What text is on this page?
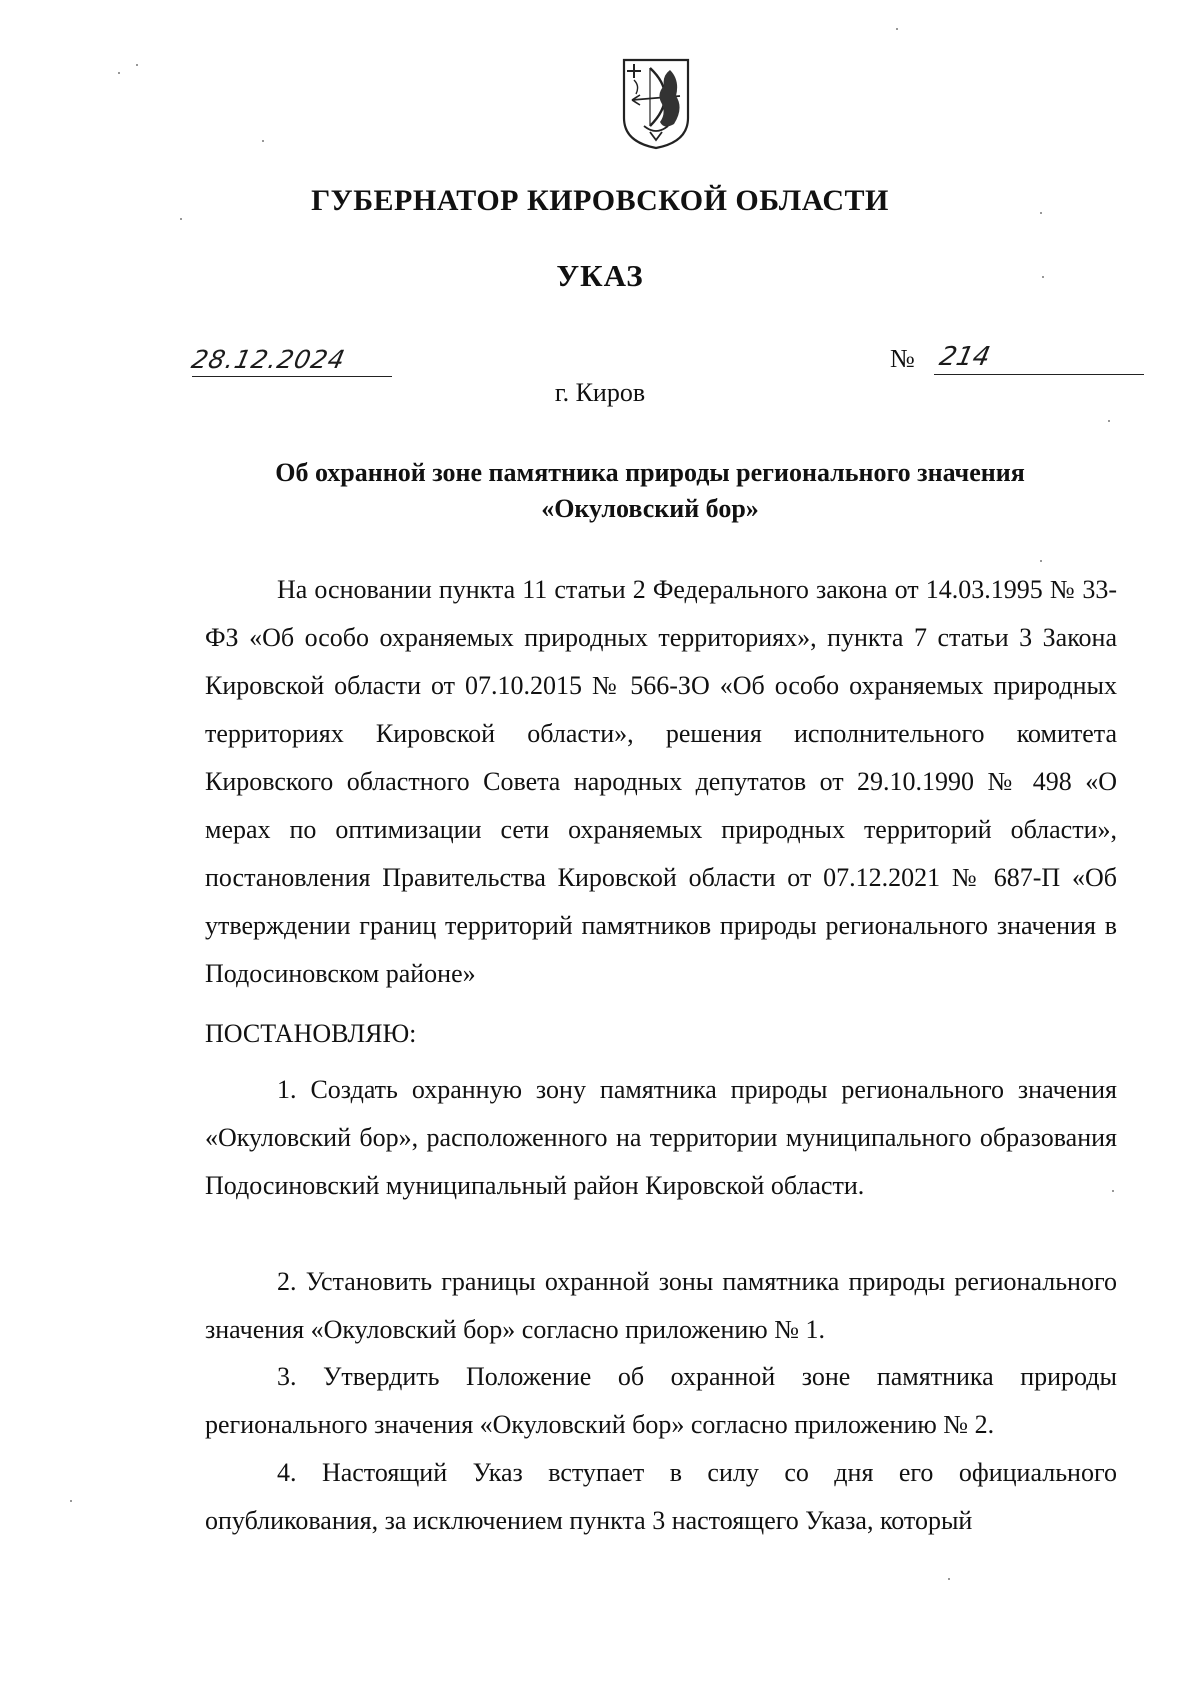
ГУБЕРНАТОР КИРОВСКОЙ ОБЛАСТИ
УКАЗ
28.12.2024	№ 214
г. Киров
Об охранной зоне памятника природы регионального значения
«Окуловский бор»

На основании пункта 11 статьи 2 Федерального закона от 14.03.1995 № 33-ФЗ «Об особо охраняемых природных территориях», пункта 7 статьи 3 Закона Кировской области от 07.10.2015 № 566-ЗО «Об особо охраняемых природных территориях Кировской области», решения исполнительного комитета Кировского областного Совета народных депутатов от 29.10.1990 № 498 «О мерах по оптимизации сети охраняемых природных территорий области», постановления Правительства Кировской области от 07.12.2021 № 687-П «Об утверждении границ территорий памятников природы регионального значения в Подосиновском районе»

ПОСТАНОВЛЯЮ:

1. Создать охранную зону памятника природы регионального значения «Окуловский бор», расположенного на территории муниципального образования Подосиновский муниципальный район Кировской области.

2. Установить границы охранной зоны памятника природы регионального значения «Окуловский бор» согласно приложению № 1.

3. Утвердить Положение об охранной зоне памятника природы регионального значения «Окуловский бор» согласно приложению № 2.

4. Настоящий Указ вступает в силу со дня его официального опубликования, за исключением пункта 3 настоящего Указа, который
